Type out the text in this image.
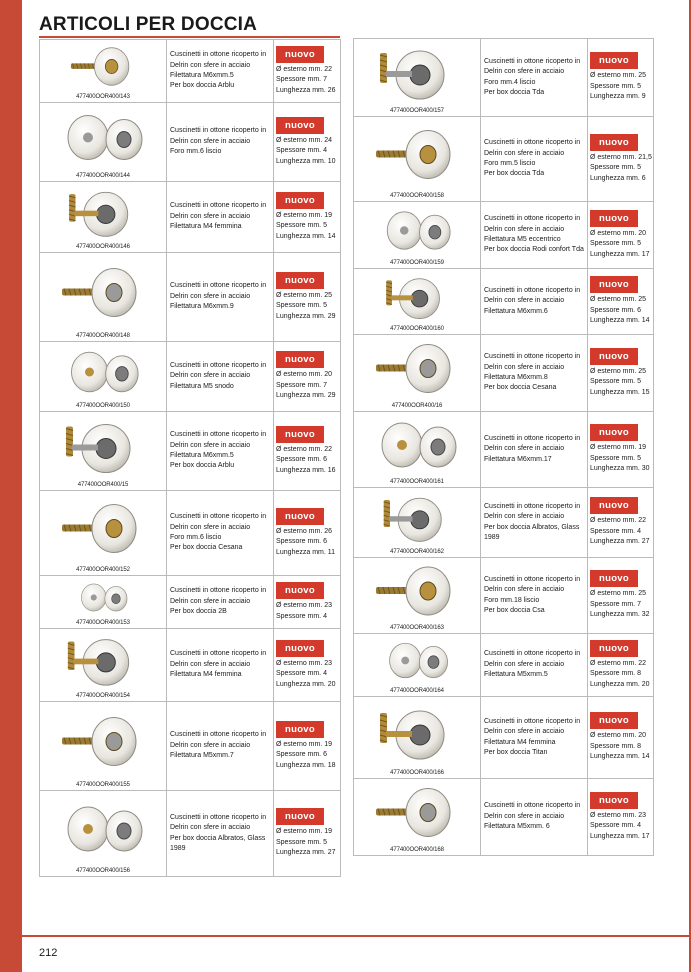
ARTICOLI PER DOCCIA
477400OOR400/143
Cuscinetti in ottone ricoperto in
Delrin con sfere in acciaio
Filettatura M6xmm.5
Per box doccia Arblu
nuovo
Ø esterno mm. 22
Spessore mm. 7
Lunghezza mm. 26
477400OOR400/144
Cuscinetti in ottone ricoperto in
Delrin con sfere in acciaio
Foro mm.6 liscio
nuovo
Ø esterno mm. 24
Spessore mm. 4
Lunghezza mm. 10
477400OOR400/146
Cuscinetti in ottone ricoperto in
Delrin con sfere in acciaio
Filettatura M4 femmina
nuovo
Ø esterno mm. 19
Spessore mm. 5
Lunghezza mm. 14
477400OOR400/148
Cuscinetti in ottone ricoperto in
Delrin con sfere in acciaio
Filettatura M6xmm.9
nuovo
Ø esterno mm. 25
Spessore mm. 5
Lunghezza mm. 29
477400OOR400/150
Cuscinetti in ottone ricoperto in
Delrin con sfere in acciaio
Filettatura M5 snodo
nuovo
Ø esterno mm. 20
Spessore mm. 7
Lunghezza mm. 29
477400OOR400/15
Cuscinetti in ottone ricoperto in
Delrin con sfere in acciaio
Filettatura M6xmm.5
Per box doccia Arblu
nuovo
Ø esterno mm. 22
Spessore mm. 6
Lunghezza mm. 16
477400OOR400/152
Cuscinetti in ottone ricoperto in
Delrin con sfere in acciaio
Foro mm.6 liscio
Per box doccia Cesana
nuovo
Ø esterno mm. 26
Spessore mm. 6
Lunghezza mm. 11
477400OOR400/153
Cuscinetti in ottone ricoperto in
Delrin con sfere in acciaio
Per box doccia 2B
nuovo
Ø esterno mm. 23
Spessore mm. 4
477400OOR400/154
Cuscinetti in ottone ricoperto in
Delrin con sfere in acciaio
Filettatura M4 femmina
nuovo
Ø esterno mm. 23
Spessore mm. 4
Lunghezza mm. 20
477400OOR400/155
Cuscinetti in ottone ricoperto in
Delrin con sfere in acciaio
Filettatura M5xmm.7
nuovo
Ø esterno mm. 19
Spessore mm. 6
Lunghezza mm. 18
477400OOR400/156
Cuscinetti in ottone ricoperto in
Delrin con sfere in acciaio
Per box doccia Albratos, Glass
1989
nuovo
Ø esterno mm. 19
Spessore mm. 5
Lunghezza mm. 27
477400OOR400/157
Cuscinetti in ottone ricoperto in
Delrin con sfere in acciaio
Foro mm.4 liscio
Per box doccia Tda
nuovo
Ø esterno mm. 25
Spessore mm. 5
Lunghezza mm. 9
477400OOR400/158
Cuscinetti in ottone ricoperto in
Delrin con sfere in acciaio
Foro mm.5 liscio
Per box doccia Tda
nuovo
Ø esterno mm. 21,5
Spessore mm. 5
Lunghezza mm. 6
477400OOR400/159
Cuscinetti in ottone ricoperto in
Delrin con sfere in acciaio
Filettatura M5 eccentrico
Per box doccia Rodi confort Tda
nuovo
Ø esterno mm. 20
Spessore mm. 5
Lunghezza mm. 17
477400OOR400/160
Cuscinetti in ottone ricoperto in
Delrin con sfere in acciaio
Filettatura M6xmm.6
nuovo
Ø esterno mm. 25
Spessore mm. 6
Lunghezza mm. 14
477400OOR400/16
Cuscinetti in ottone ricoperto in
Delrin con sfere in acciaio
Filettatura M6xmm.8
Per box doccia Cesana
nuovo
Ø esterno mm. 25
Spessore mm. 5
Lunghezza mm. 15
477400OOR400/161
Cuscinetti in ottone ricoperto in
Delrin con sfere in acciaio
Filettatura M6xmm.17
nuovo
Ø esterno mm. 19
Spessore mm. 5
Lunghezza mm. 30
477400OOR400/162
Cuscinetti in ottone ricoperto in
Delrin con sfere in acciaio
Per box doccia Albratos, Glass
1989
nuovo
Ø esterno mm. 22
Spessore mm. 4
Lunghezza mm. 27
477400OOR400/163
Cuscinetti in ottone ricoperto in
Delrin con sfere in acciaio
Foro mm.18 liscio
Per box doccia Csa
nuovo
Ø esterno mm. 25
Spessore mm. 7
Lunghezza mm. 32
477400OOR400/164
Cuscinetti in ottone ricoperto in
Delrin con sfere in acciaio
Filettatura M5xmm.5
nuovo
Ø esterno mm. 22
Spessore mm. 8
Lunghezza mm. 20
477400OOR400/166
Cuscinetti in ottone ricoperto in
Delrin con sfere in acciaio
Filettatura M4 femmina
Per box doccia Titan
nuovo
Ø esterno mm. 20
Spessore mm. 8
Lunghezza mm. 14
477400OOR400/168
Cuscinetti in ottone ricoperto in
Delrin con sfere in acciaio
Filettatura M5xmm. 6
nuovo
Ø esterno mm. 23
Spessore mm. 4
Lunghezza mm. 17
212
